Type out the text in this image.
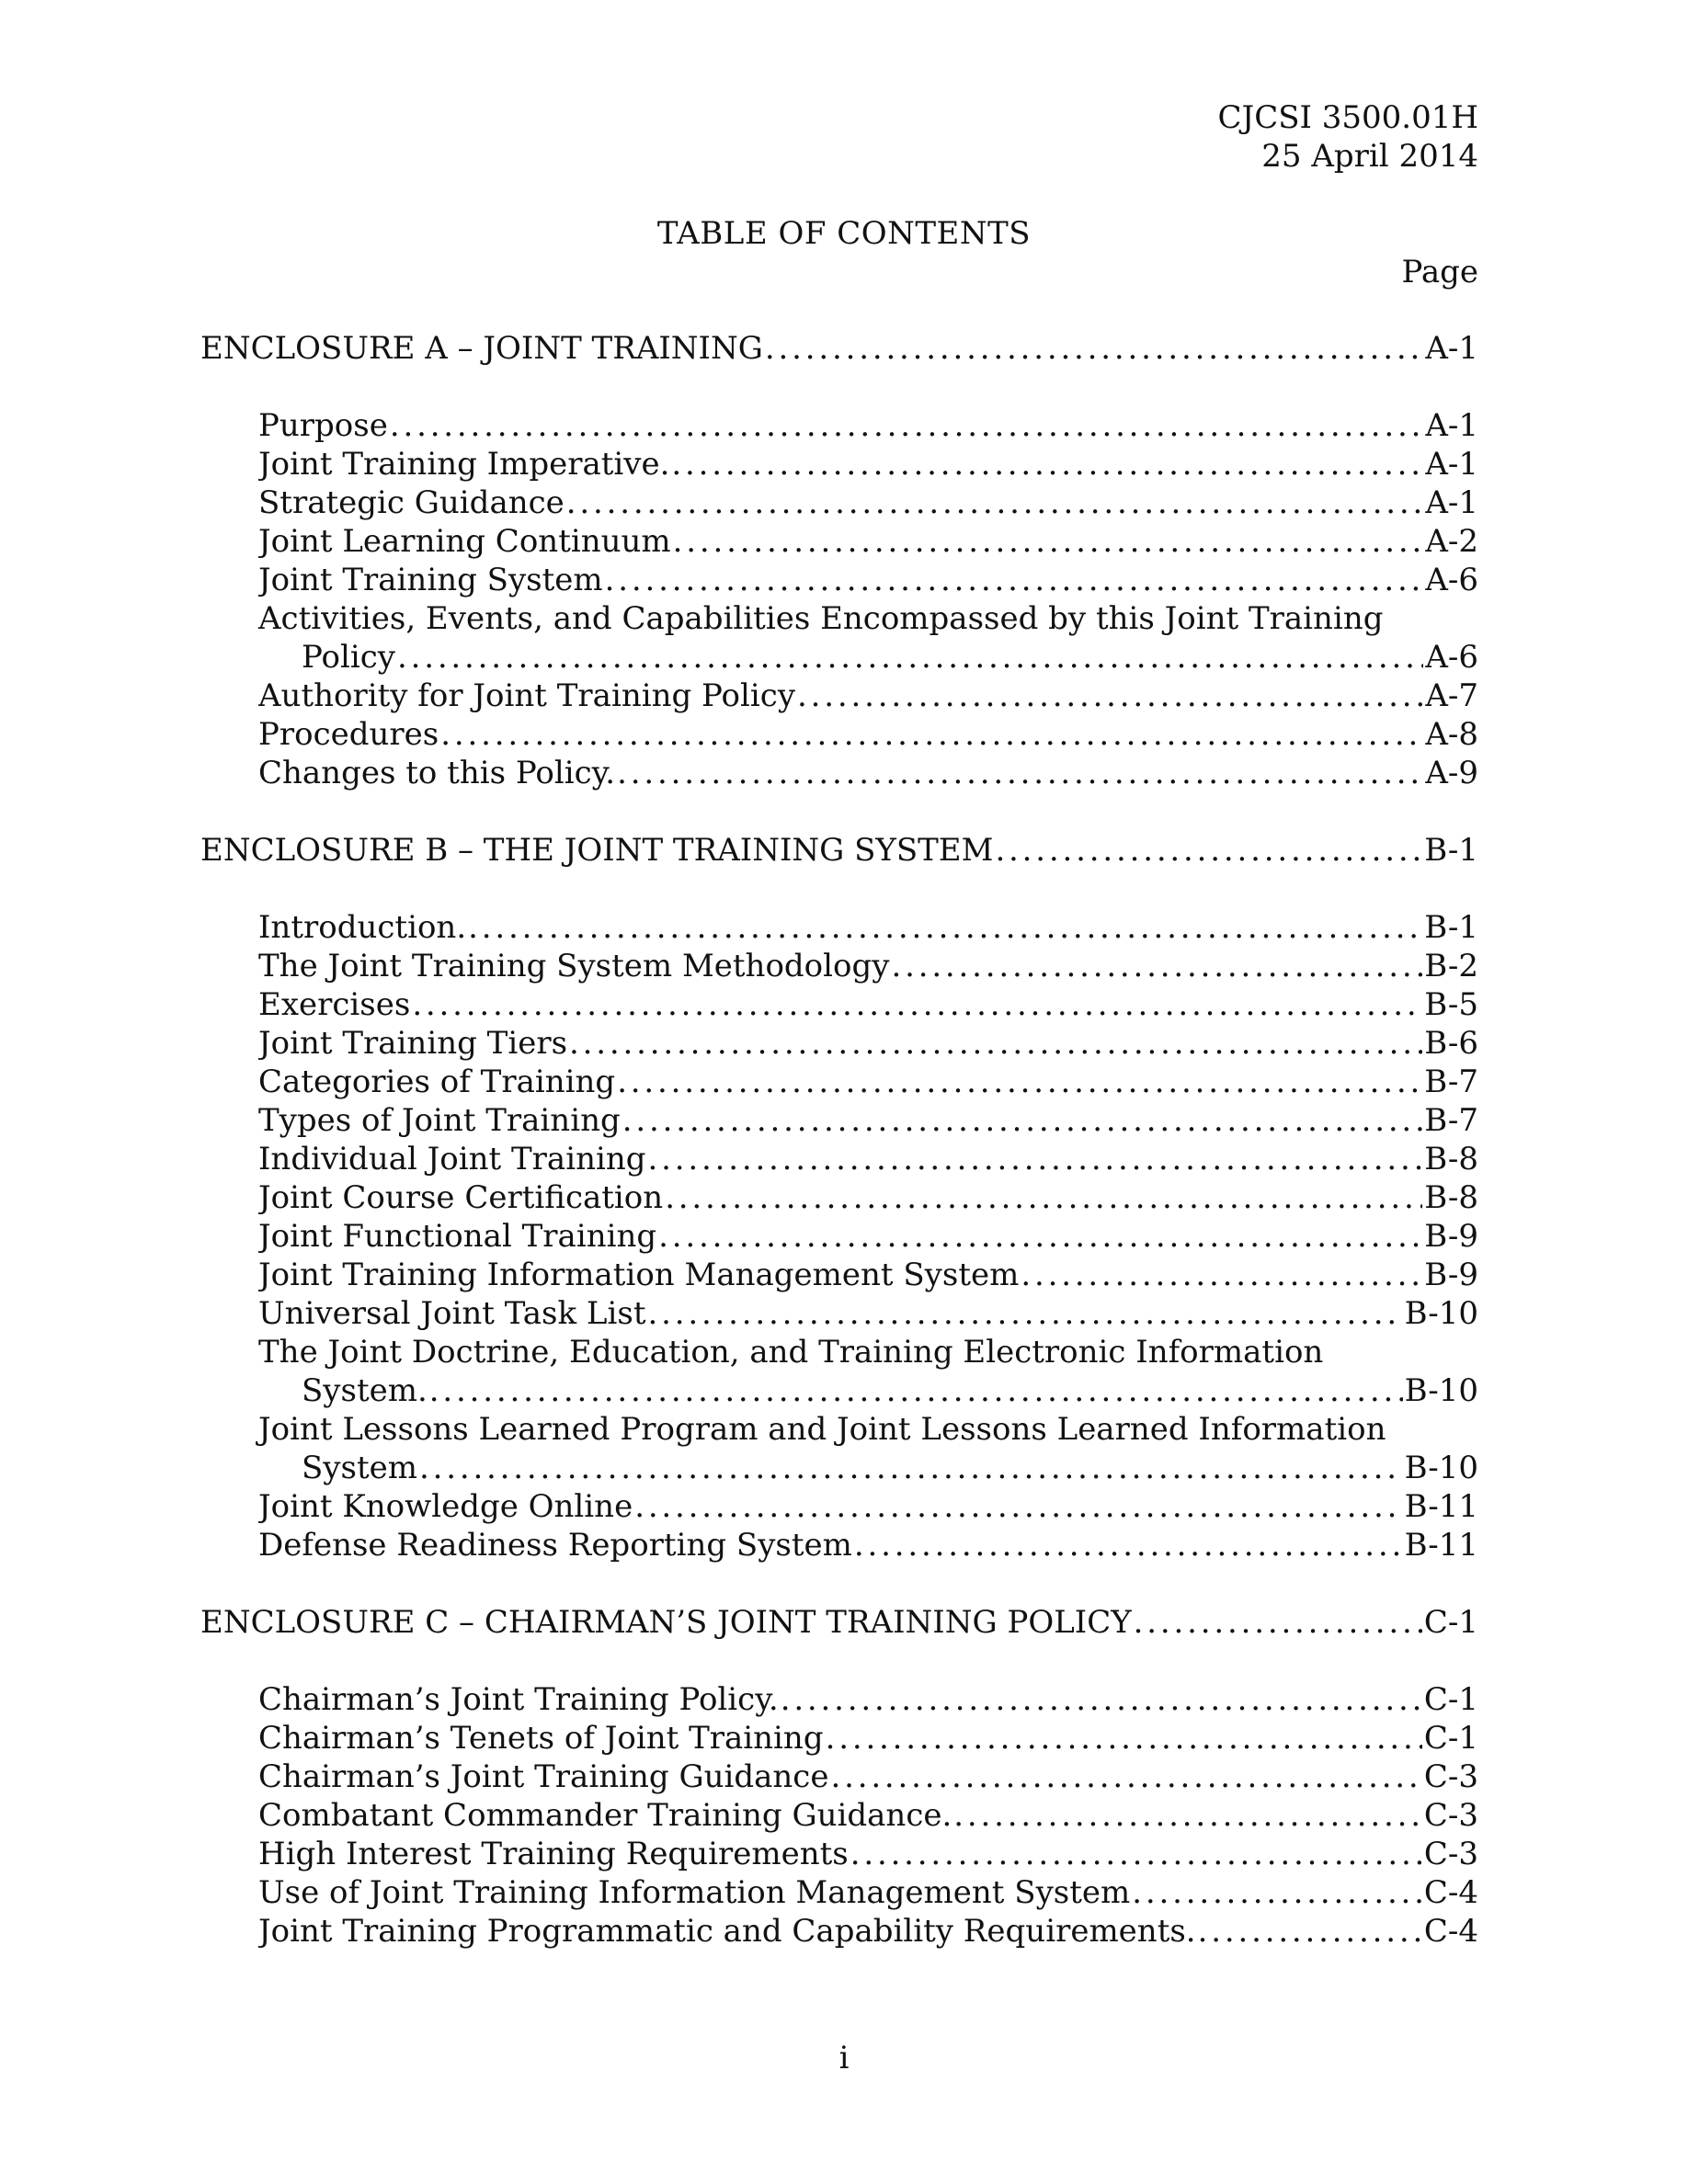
CJCSI 3500.01H
25 April 2014
TABLE OF CONTENTS
Page
ENCLOSURE A – JOINT TRAINING . . .	A-1
Purpose . . .	A-1
Joint Training Imperative. . . .	A-1
Strategic Guidance . . .	A-1
Joint Learning Continuum . . .	A-2
Joint Training System . . .	A-6
Activities, Events, and Capabilities Encompassed by this Joint Training
Policy . . .	A-6
Authority for Joint Training Policy . . .	A-7
Procedures . . .	A-8
Changes to this Policy. . . .	A-9
ENCLOSURE B – THE JOINT TRAINING SYSTEM . . .	B-1
Introduction. . . .	B-1
The Joint Training System Methodology . . .	B-2
Exercises . . .	B-5
Joint Training Tiers . . .	B-6
Categories of Training . . .	B-7
Types of Joint Training . . .	B-7
Individual Joint Training . . .	B-8
Joint Course Certification . . .	B-8
Joint Functional Training . . .	B-9
Joint Training Information Management System . . .	B-9
Universal Joint Task List . . .	B-10
The Joint Doctrine, Education, and Training Electronic Information
System. . . .	B-10
Joint Lessons Learned Program and Joint Lessons Learned Information
System . . .	B-10
Joint Knowledge Online . . .	B-11
Defense Readiness Reporting System . . .	B-11
ENCLOSURE C – CHAIRMAN’S JOINT TRAINING POLICY . . .	C-1
Chairman’s Joint Training Policy. . . .	C-1
Chairman’s Tenets of Joint Training . . .	C-1
Chairman’s Joint Training Guidance . . .	C-3
Combatant Commander Training Guidance. . . .	C-3
High Interest Training Requirements . . .	C-3
Use of Joint Training Information Management System . . .	C-4
Joint Training Programmatic and Capability Requirements. . . .	C-4
i
